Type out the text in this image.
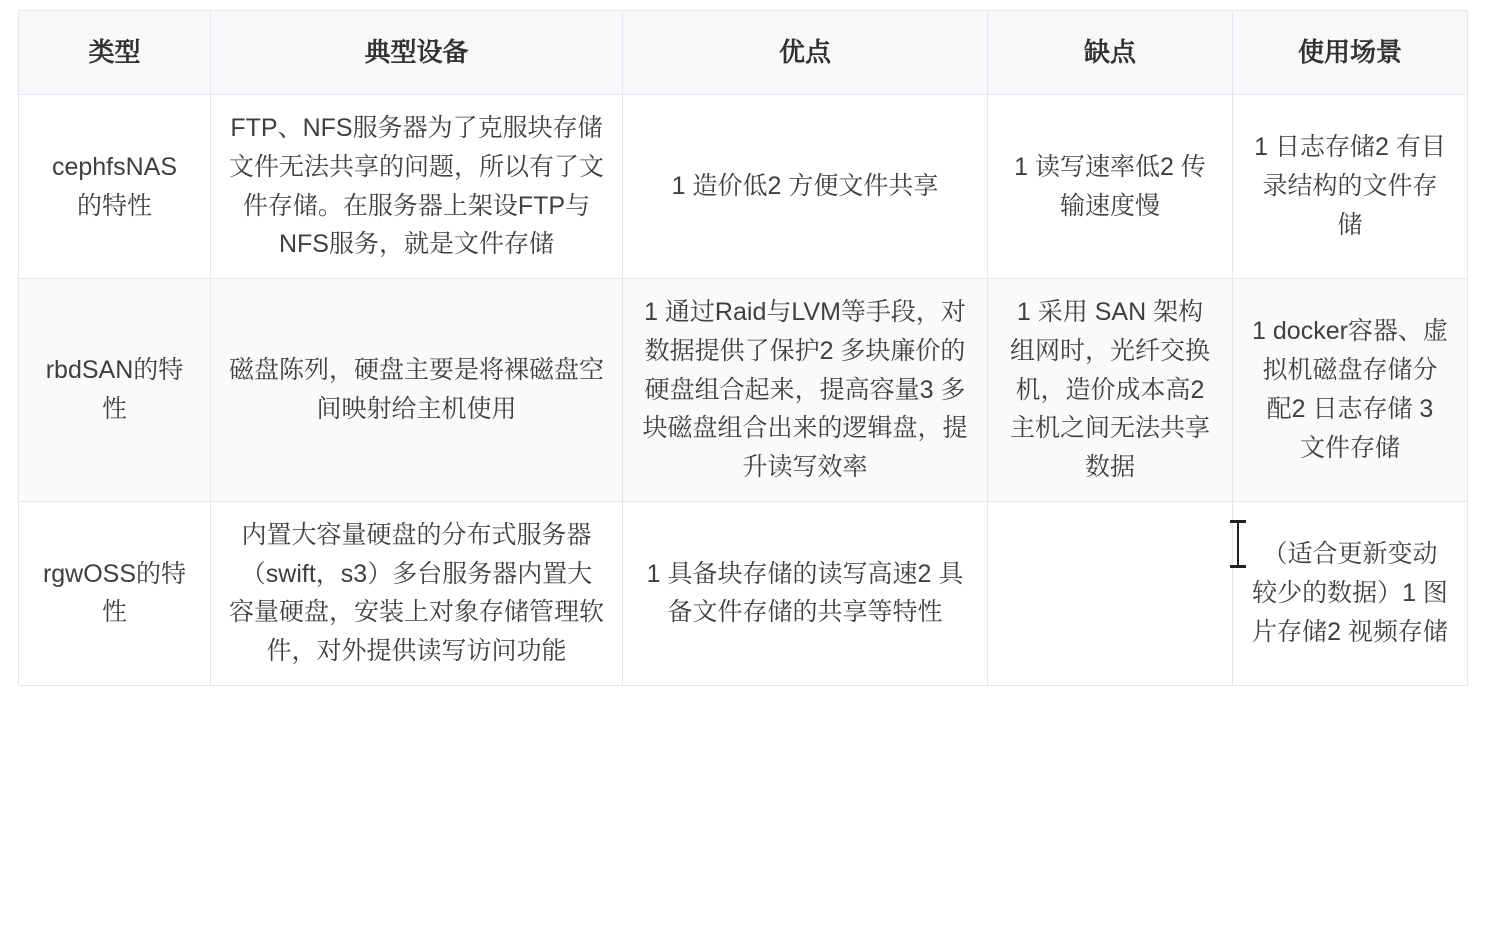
类型	典型设备	优点	缺点	使用场景
cephfsNAS 的特性	FTP、NFS服务器为了克服块存储文件无法共享的问题，所以有了文件存储。在服务器上架设FTP与NFS服务，就是文件存储	1 造价低2 方便文件共享	1 读写速率低2 传输速度慢	1 日志存储2 有目录结构的文件存储
rbdSAN的特性	磁盘陈列，硬盘主要是将裸磁盘空间映射给主机使用	1 通过Raid与LVM等手段，对数据提供了保护2 多块廉价的硬盘组合起来，提高容量3 多块磁盘组合出来的逻辑盘，提升读写效率	1 采用 SAN 架构组网时，光纤交换机，造价成本高2 主机之间无法共享数据	1 docker容器、虚拟机磁盘存储分配2 日志存储 3 文件存储
rgwOSS的特性	内置大容量硬盘的分布式服务器（swift，s3）多台服务器内置大容量硬盘，安装上对象存储管理软件，对外提供读写访问功能	1 具备块存储的读写高速2 具备文件存储的共享等特性		（适合更新变动较少的数据）1 图片存储2 视频存储
